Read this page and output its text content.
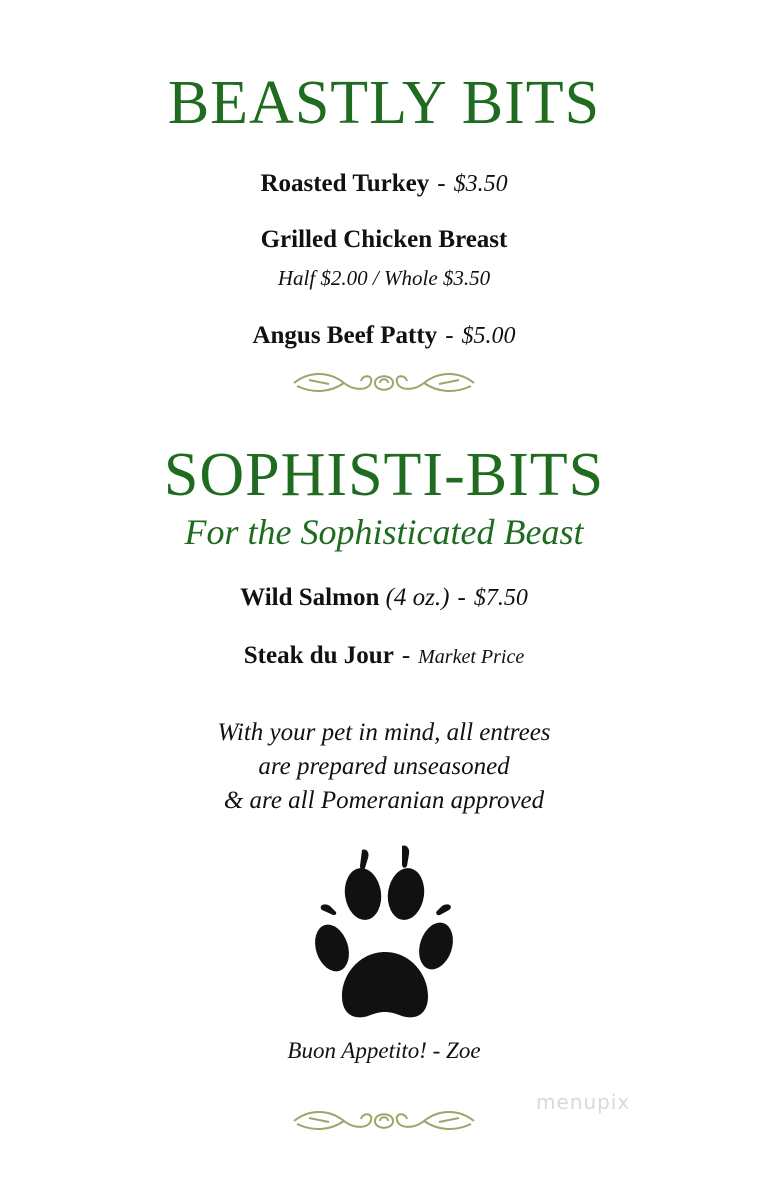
BEASTLY BITS
Roasted Turkey - $3.50
Grilled Chicken Breast
Half $2.00 / Whole $3.50
Angus Beef Patty - $5.00
SOPHISTI-BITS
For the Sophisticated Beast
Wild Salmon (4 oz.) - $7.50
Steak du Jour - Market Price
With your pet in mind, all entrees
are prepared unseasoned
& are all Pomeranian approved
Buon Appetito! - Zoe
menupix
